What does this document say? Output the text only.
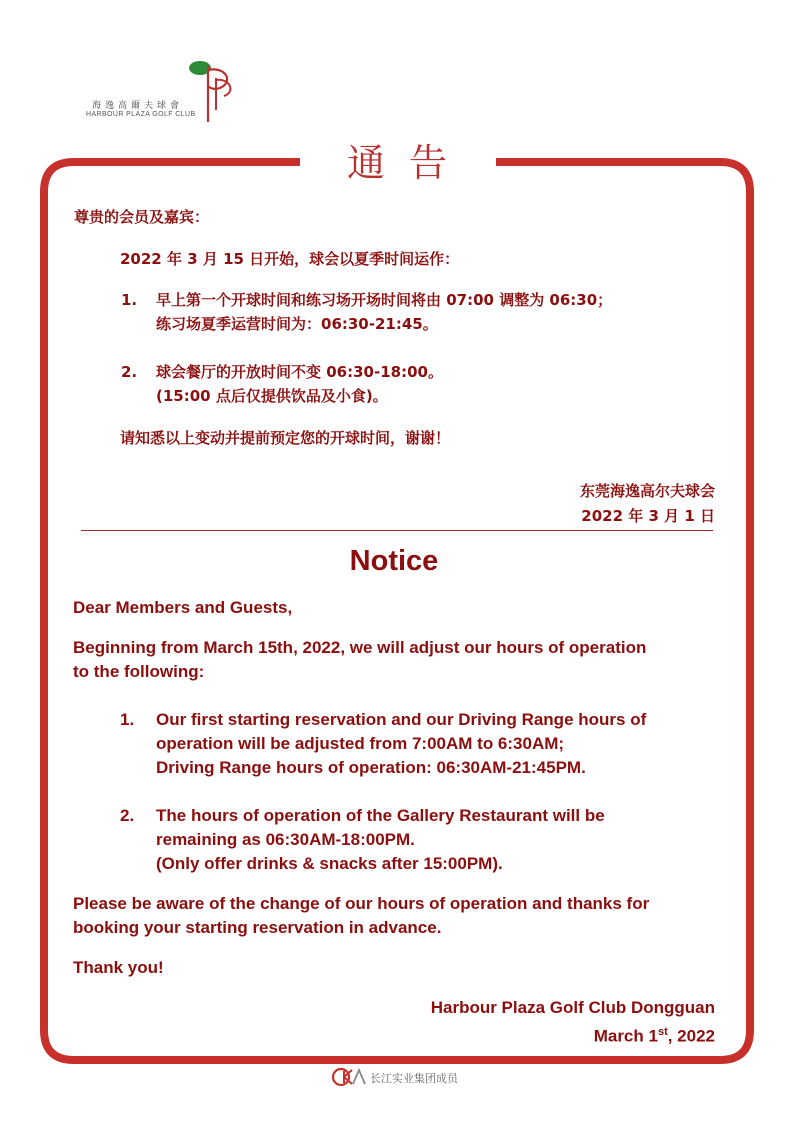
海逸高爾夫球會
HARBOUR PLAZA GOLF CLUB
通告
尊贵的会员及嘉宾：
2022 年 3 月 15 日开始，球会以夏季时间运作：
1. 早上第一个开球时间和练习场开场时间将由 07:00 调整为 06:30；
练习场夏季运营时间为：06:30-21:45。
2. 球会餐厅的开放时间不变 06:30-18:00。
(15:00 点后仅提供饮品及小食)。
请知悉以上变动并提前预定您的开球时间，谢谢！
东莞海逸高尔夫球会
2022 年 3 月 1 日
Notice
Dear Members and Guests,
Beginning from March 15th, 2022, we will adjust our hours of operation
to the following:
1. Our first starting reservation and our Driving Range hours of
operation will be adjusted from 7:00AM to 6:30AM;
Driving Range hours of operation: 06:30AM-21:45PM.
2. The hours of operation of the Gallery Restaurant will be
remaining as 06:30AM-18:00PM.
(Only offer drinks & snacks after 15:00PM).
Please be aware of the change of our hours of operation and thanks for
booking your starting reservation in advance.
Thank you!
Harbour Plaza Golf Club Dongguan
March 1st, 2022
长江实业集团成员
